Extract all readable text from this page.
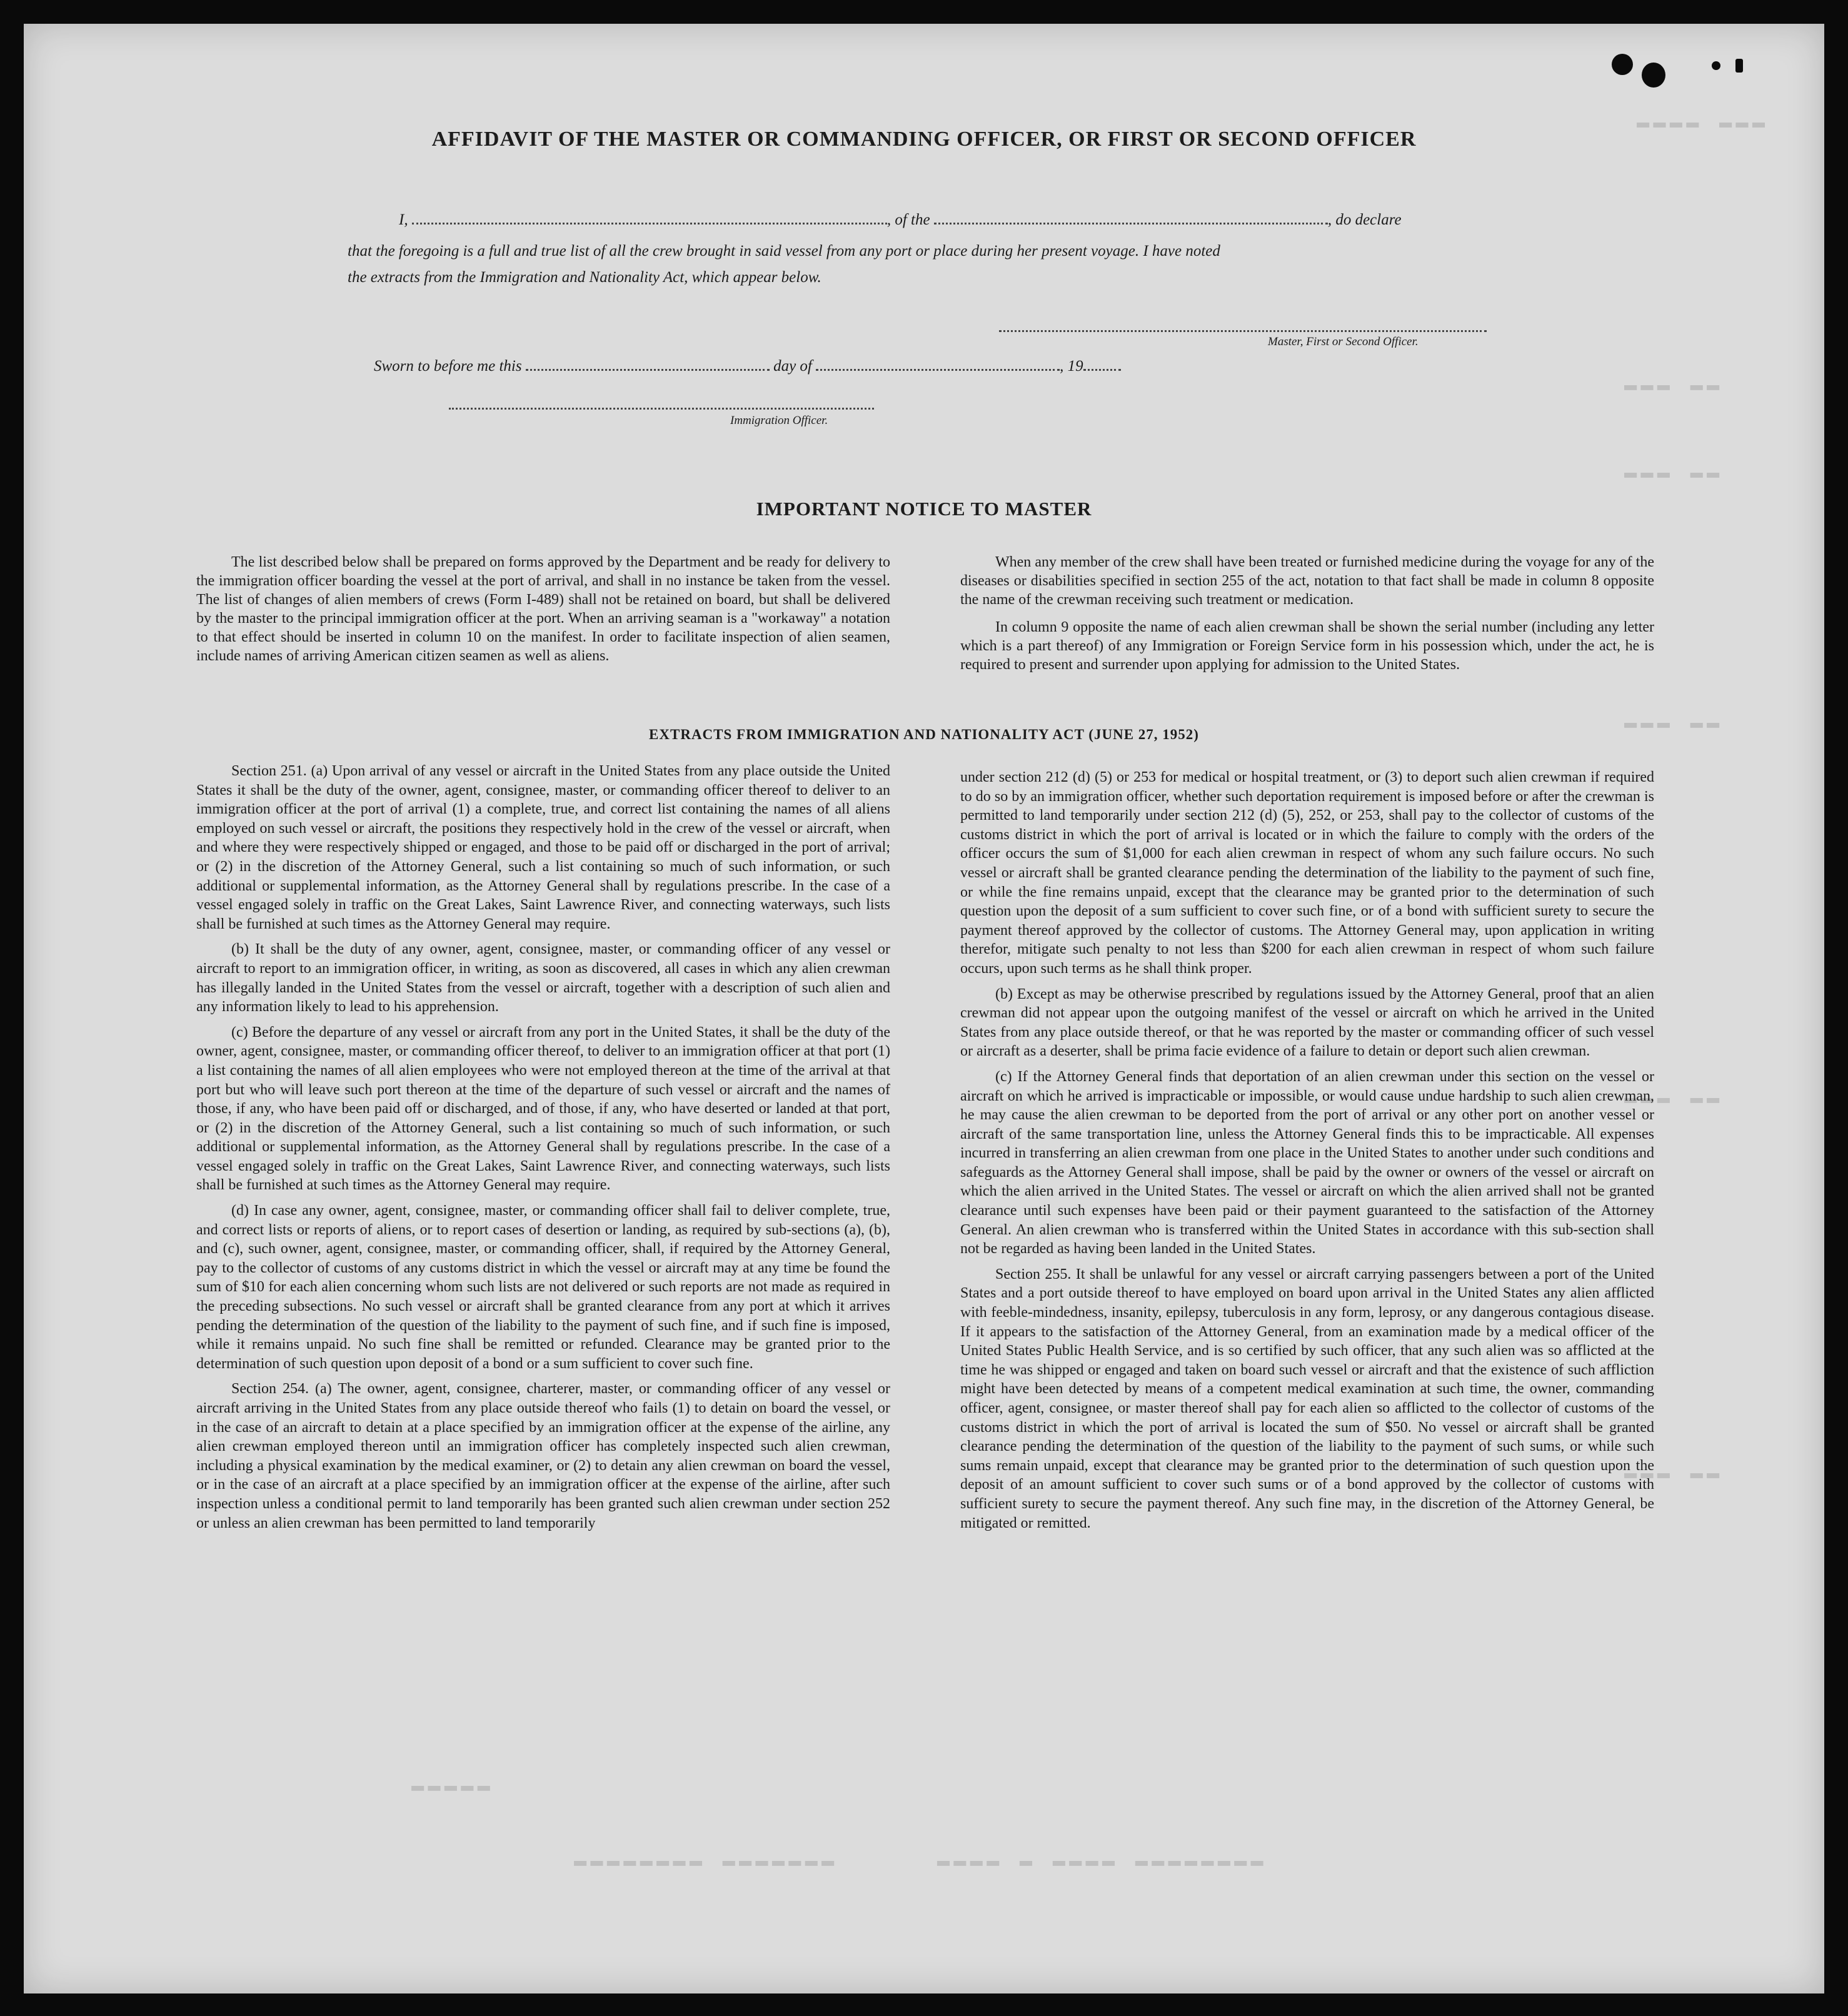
▬▬▬▬ ▬▬▬
▬▬▬ ▬▬
▬▬▬ ▬▬
▬▬▬ ▬▬
▬▬▬ ▬▬
▬▬▬ ▬▬
▬▬▬▬▬
▬▬▬▬▬▬▬▬ ▬▬▬▬▬▬▬      ▬▬▬▬ ▬ ▬▬▬▬ ▬▬▬▬▬▬▬▬
AFFIDAVIT OF THE MASTER OR COMMANDING OFFICER, OR FIRST OR SECOND OFFICER
I,	, of the	, do declare
that the foregoing is a full and true list of all the crew brought in said vessel from any port or place during her present voyage. I have noted
the extracts from the Immigration and Nationality Act, which appear below.
Master, First or Second Officer.
Sworn to before me this	day of	, 19
Immigration Officer.
IMPORTANT NOTICE TO MASTER

The list described below shall be prepared on forms approved by the Department and be ready for delivery to the immigration officer boarding the vessel at the port of arrival, and shall in no instance be taken from the vessel. The list of changes of alien members of crews (Form I-489) shall not be retained on board, but shall be delivered by the master to the principal immigration officer at the port. When an arriving seaman is a "workaway" a notation to that effect should be inserted in column 10 on the manifest. In order to facilitate inspection of alien seamen, include names of arriving American citizen seamen as well as aliens.

When any member of the crew shall have been treated or furnished medicine during the voyage for any of the diseases or disabilities specified in section 255 of the act, notation to that fact shall be made in column 8 opposite the name of the crewman receiving such treatment or medication.

In column 9 opposite the name of each alien crewman shall be shown the serial number (including any letter which is a part thereof) of any Immigration or Foreign Service form in his possession which, under the act, he is required to present and surrender upon applying for admission to the United States.

EXTRACTS FROM IMMIGRATION AND NATIONALITY ACT (JUNE 27, 1952)

Section 251. (a) Upon arrival of any vessel or aircraft in the United States from any place outside the United States it shall be the duty of the owner, agent, consignee, master, or commanding officer thereof to deliver to an immigration officer at the port of arrival (1) a complete, true, and correct list containing the names of all aliens employed on such vessel or aircraft, the positions they respectively hold in the crew of the vessel or aircraft, when and where they were respectively shipped or engaged, and those to be paid off or discharged in the port of arrival; or (2) in the discretion of the Attorney General, such a list containing so much of such information, or such additional or supplemental information, as the Attorney General shall by regulations prescribe. In the case of a vessel engaged solely in traffic on the Great Lakes, Saint Lawrence River, and connecting waterways, such lists shall be furnished at such times as the Attorney General may require.

(b) It shall be the duty of any owner, agent, consignee, master, or commanding officer of any vessel or aircraft to report to an immigration officer, in writing, as soon as discovered, all cases in which any alien crewman has illegally landed in the United States from the vessel or aircraft, together with a description of such alien and any information likely to lead to his apprehension.

(c) Before the departure of any vessel or aircraft from any port in the United States, it shall be the duty of the owner, agent, consignee, master, or commanding officer thereof, to deliver to an immigration officer at that port (1) a list containing the names of all alien employees who were not employed thereon at the time of the arrival at that port but who will leave such port thereon at the time of the departure of such vessel or aircraft and the names of those, if any, who have been paid off or discharged, and of those, if any, who have deserted or landed at that port, or (2) in the discretion of the Attorney General, such a list containing so much of such information, or such additional or supplemental information, as the Attorney General shall by regulations prescribe. In the case of a vessel engaged solely in traffic on the Great Lakes, Saint Lawrence River, and connecting waterways, such lists shall be furnished at such times as the Attorney General may require.

(d) In case any owner, agent, consignee, master, or commanding officer shall fail to deliver complete, true, and correct lists or reports of aliens, or to report cases of desertion or landing, as required by sub-sections (a), (b), and (c), such owner, agent, consignee, master, or commanding officer, shall, if required by the Attorney General, pay to the collector of customs of any customs district in which the vessel or aircraft may at any time be found the sum of $10 for each alien concerning whom such lists are not delivered or such reports are not made as required in the preceding subsections. No such vessel or aircraft shall be granted clearance from any port at which it arrives pending the determination of the question of the liability to the payment of such fine, and if such fine is imposed, while it remains unpaid. No such fine shall be remitted or refunded. Clearance may be granted prior to the determination of such question upon deposit of a bond or a sum sufficient to cover such fine.

Section 254. (a) The owner, agent, consignee, charterer, master, or commanding officer of any vessel or aircraft arriving in the United States from any place outside thereof who fails (1) to detain on board the vessel, or in the case of an aircraft to detain at a place specified by an immigration officer at the expense of the airline, any alien crewman employed thereon until an immigration officer has completely inspected such alien crewman, including a physical examination by the medical examiner, or (2) to detain any alien crewman on board the vessel, or in the case of an aircraft at a place specified by an immigration officer at the expense of the airline, after such inspection unless a conditional permit to land temporarily has been granted such alien crewman under section 252 or unless an alien crewman has been permitted to land temporarily

under section 212 (d) (5) or 253 for medical or hospital treatment, or (3) to deport such alien crewman if required to do so by an immigration officer, whether such deportation requirement is imposed before or after the crewman is permitted to land temporarily under section 212 (d) (5), 252, or 253, shall pay to the collector of customs of the customs district in which the port of arrival is located or in which the failure to comply with the orders of the officer occurs the sum of $1,000 for each alien crewman in respect of whom any such failure occurs. No such vessel or aircraft shall be granted clearance pending the determination of the liability to the payment of such fine, or while the fine remains unpaid, except that the clearance may be granted prior to the determination of such question upon the deposit of a sum sufficient to cover such fine, or of a bond with sufficient surety to secure the payment thereof approved by the collector of customs. The Attorney General may, upon application in writing therefor, mitigate such penalty to not less than $200 for each alien crewman in respect of whom such failure occurs, upon such terms as he shall think proper.

(b) Except as may be otherwise prescribed by regulations issued by the Attorney General, proof that an alien crewman did not appear upon the outgoing manifest of the vessel or aircraft on which he arrived in the United States from any place outside thereof, or that he was reported by the master or commanding officer of such vessel or aircraft as a deserter, shall be prima facie evidence of a failure to detain or deport such alien crewman.

(c) If the Attorney General finds that deportation of an alien crewman under this section on the vessel or aircraft on which he arrived is impracticable or impossible, or would cause undue hardship to such alien crewman, he may cause the alien crewman to be deported from the port of arrival or any other port on another vessel or aircraft of the same transportation line, unless the Attorney General finds this to be impracticable. All expenses incurred in transferring an alien crewman from one place in the United States to another under such conditions and safeguards as the Attorney General shall impose, shall be paid by the owner or owners of the vessel or aircraft on which the alien arrived in the United States. The vessel or aircraft on which the alien arrived shall not be granted clearance until such expenses have been paid or their payment guaranteed to the satisfaction of the Attorney General. An alien crewman who is transferred within the United States in accordance with this sub-section shall not be regarded as having been landed in the United States.

Section 255. It shall be unlawful for any vessel or aircraft carrying passengers between a port of the United States and a port outside thereof to have employed on board upon arrival in the United States any alien afflicted with feeble-mindedness, insanity, epilepsy, tuberculosis in any form, leprosy, or any dangerous contagious disease. If it appears to the satisfaction of the Attorney General, from an examination made by a medical officer of the United States Public Health Service, and is so certified by such officer, that any such alien was so afflicted at the time he was shipped or engaged and taken on board such vessel or aircraft and that the existence of such affliction might have been detected by means of a competent medical examination at such time, the owner, commanding officer, agent, consignee, or master thereof shall pay for each alien so afflicted to the collector of customs of the customs district in which the port of arrival is located the sum of $50. No vessel or aircraft shall be granted clearance pending the determination of the question of the liability to the payment of such sums, or while such sums remain unpaid, except that clearance may be granted prior to the determination of such question upon the deposit of an amount sufficient to cover such sums or of a bond approved by the collector of customs with sufficient surety to secure the payment thereof. Any such fine may, in the discretion of the Attorney General, be mitigated or remitted.
